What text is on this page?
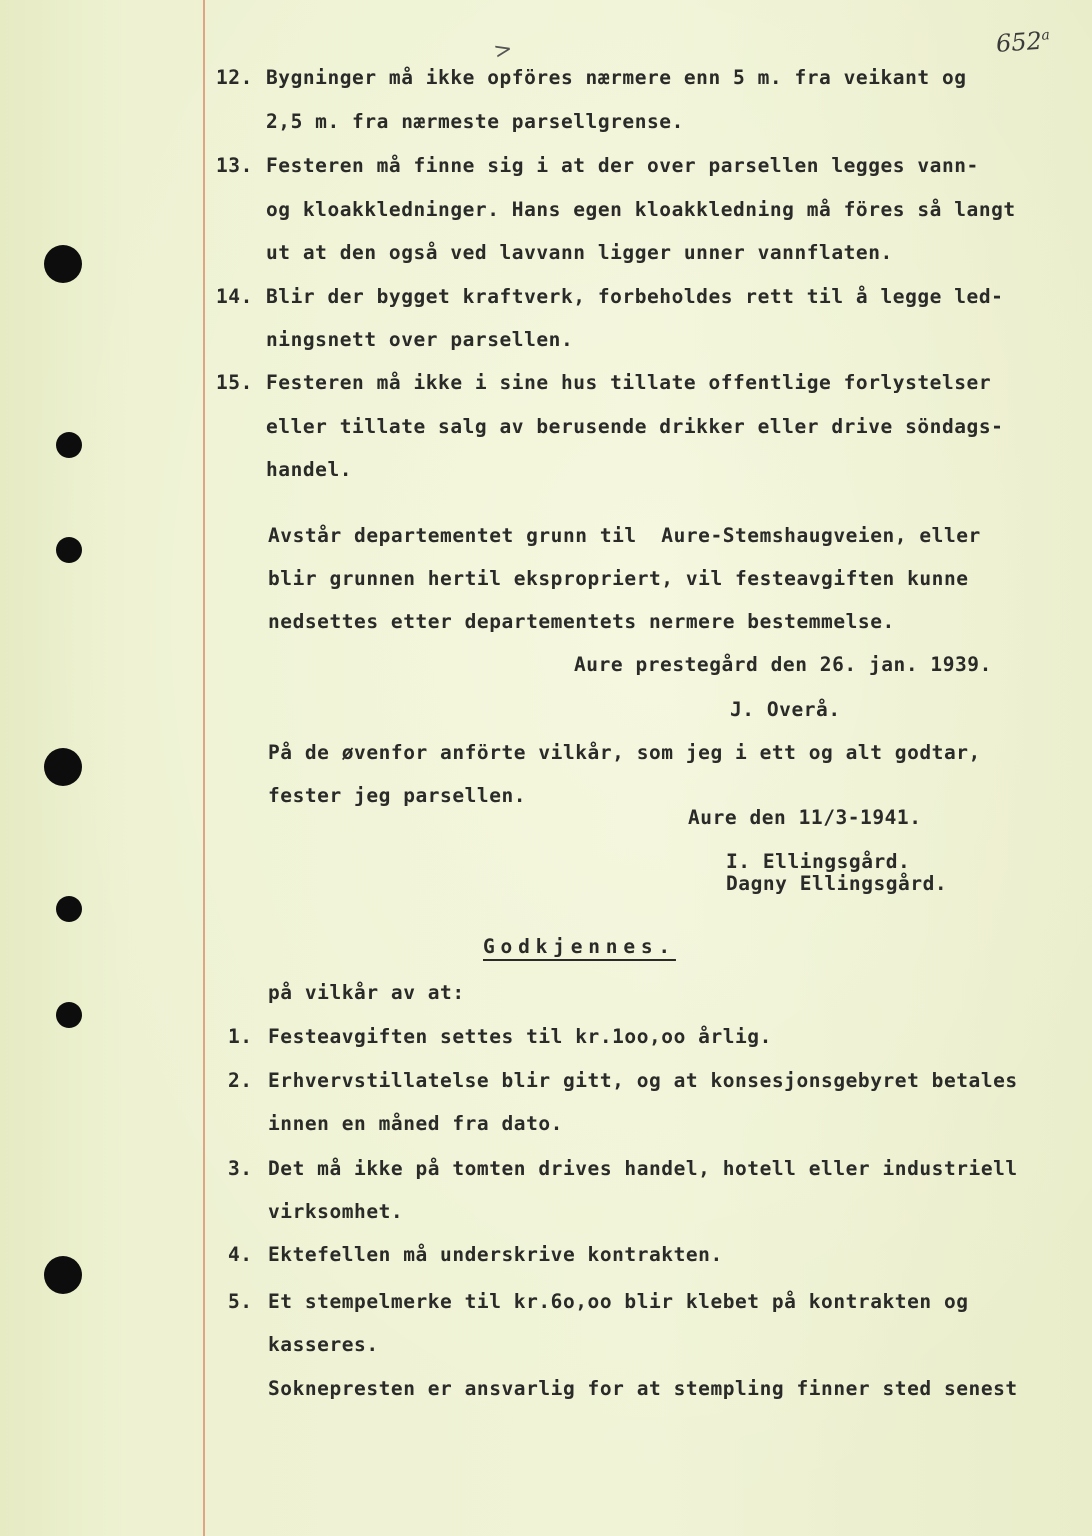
>	$652^a$
12. Bygninger må ikke opföres nærmere enn 5 m. fra veikant og
2,5 m. fra nærmeste parsellgrense.
13. Festeren må finne sig i at der over parsellen legges vann-
og kloakkledninger. Hans egen kloakkledning må föres så langt
ut at den også ved lavvann ligger unner vannflaten.
14. Blir der bygget kraftverk, forbeholdes rett til å legge led-
ningsnett over parsellen.
15. Festeren må ikke i sine hus tillate offentlige forlystelser
eller tillate salg av berusende drikker eller drive söndags-
handel.
Avstår departementet grunn til  Aure-Stemshaugveien, eller
blir grunnen hertil ekspropriert, vil festeavgiften kunne
nedsettes etter departementets nermere bestemmelse.
Aure prestegård den 26. jan. 1939.
J. Overå.
På de øvenfor anförte vilkår, som jeg i ett og alt godtar,
fester jeg parsellen.
Aure den 11/3-1941.
I. Ellingsgård.
Dagny Ellingsgård.
Godkjennes.
på vilkår av at:
1. Festeavgiften settes til kr.1oo,oo årlig.
2. Erhvervstillatelse blir gitt, og at konsesjonsgebyret betales
innen en måned fra dato.
3. Det må ikke på tomten drives handel, hotell eller industriell
virksomhet.
4. Ektefellen må underskrive kontrakten.
5. Et stempelmerke til kr.6o,oo blir klebet på kontrakten og
kasseres.
Soknepresten er ansvarlig for at stempling finner sted senest
